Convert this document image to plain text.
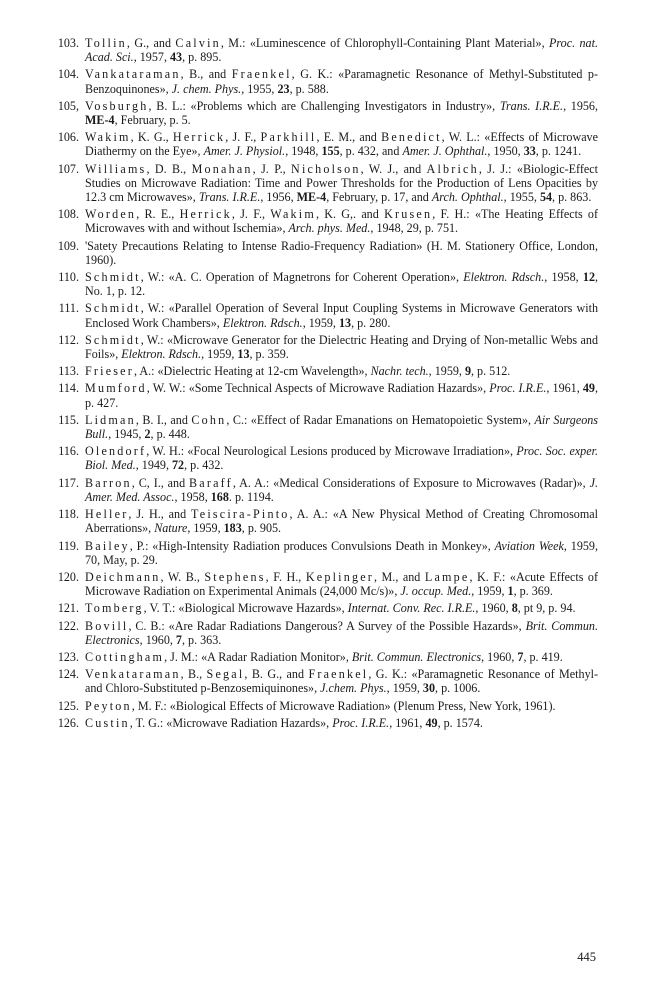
103. Tollin, G., and Calvin, M.: «Luminescence of Chlorophyll-Containing Plant Material», Proc. nat. Acad. Sci., 1957, 43, p. 895.
104. Vankataraman, B., and Fraenkel, G. K.: «Paramagnetic Resonance of Methyl-Substituted p-Benzoquinones», J. chem. Phys., 1955, 23, p. 588.
105, Vosburgh, B. L.: «Problems which are Challenging Investigators in Industry», Trans. I.R.E., 1956, ME-4, February, p. 5.
106. Wakim, K. G., Herrick, J. F., Parkhill, E. M., and Benedict, W. L.: «Effects of Microwave Diathermy on the Eye», Amer. J. Physiol., 1948, 155, p. 432, and Amer. J. Ophthal., 1950, 33, p. 1241.
107. Williams, D. B., Monahan, J. P., Nicholson, W. J., and Albrich, J. J.: «Biologic-Effect Studies on Microwave Radiation: Time and Power Thresholds for the Production of Lens Opacities by 12.3 cm Microwaves», Trans. I.R.E., 1956, ME-4, February, p. 17, and Arch. Ophthal., 1955, 54, p. 863.
108. Worden, R. E., Herrick, J. F., Wakim, K. G,. and Krusen, F. H.: «The Heating Effects of Microwaves with and without Ischemia», Arch. phys. Med., 1948, 29, p. 751.
109. 'Satety Precautions Relating to Intense Radio-Frequency Radiation» (H. M. Stationery Office, London, 1960).
110. Schmidt, W.: «A. C. Operation of Magnetrons for Coherent Operation», Elektron. Rdsch., 1958, 12, No. 1, p. 12.
111. Schmidt, W.: «Parallel Operation of Several Input Coupling Systems in Microwave Generators with Enclosed Work Chambers», Elektron. Rdsch., 1959, 13, p. 280.
112. Schmidt, W.: «Microwave Generator for the Dielectric Heating and Drying of Non-metallic Webs and Foils», Elektron. Rdsch., 1959, 13, p. 359.
113. Frieser, A.: «Dielectric Heating at 12-cm Wavelength», Nachr. tech., 1959, 9, p. 512.
114. Mumford, W. W.: «Some Technical Aspects of Microwave Radiation Hazards», Proc. I.R.E., 1961, 49, p. 427.
115. Lidman, B. I., and Cohn, C.: «Effect of Radar Emanations on Hematopoietic System», Air Surgeons Bull., 1945, 2, p. 448.
116. Olendorf, W. H.: «Focal Neurological Lesions produced by Microwave Irradiation», Proc. Soc. exper. Biol. Med., 1949, 72, p. 432.
117. Barron, C, I., and Baraff, A. A.: «Medical Considerations of Exposure to Microwaves (Radar)», J. Amer. Med. Assoc., 1958, 168. p. 1194.
118. Heller, J. H., and Teiscira-Pinto, A. A.: «A New Physical Method of Creating Chromosomal Aberrations», Nature, 1959, 183, p. 905.
119. Bailey, P.: «High-Intensity Radiation produces Convulsions Death in Monkey», Aviation Week, 1959, 70, May, p. 29.
120. Deichmann, W. B., Stephens, F. H., Keplinger, M., and Lampe, K. F.: «Acute Effects of Microwave Radiation on Experimental Animals (24,000 Mc/s)», J. occup. Med., 1959, 1, p. 369.
121. Tomberg, V. T.: «Biological Microwave Hazards», Internat. Conv. Rec. I.R.E., 1960, 8, pt 9, p. 94.
122. Bovill, C. B.: «Are Radar Radiations Dangerous? A Survey of the Possible Hazards», Brit. Commun. Electronics, 1960, 7, p. 363.
123. Cottingham, J. M.: «A Radar Radiation Monitor», Brit. Commun. Electronics, 1960, 7, p. 419.
124. Venkataraman, B., Segal, B. G., and Fraenkel, G. K.: «Paramagnetic Resonance of Methyl- and Chloro-Substituted p-Benzosemiquinones», J.chem. Phys., 1959, 30, p. 1006.
125. Peyton, M. F.: «Biological Effects of Microwave Radiation» (Plenum Press, New York, 1961).
126. Custin, T. G.: «Microwave Radiation Hazards», Proc. I.R.E., 1961, 49, p. 1574.
445
